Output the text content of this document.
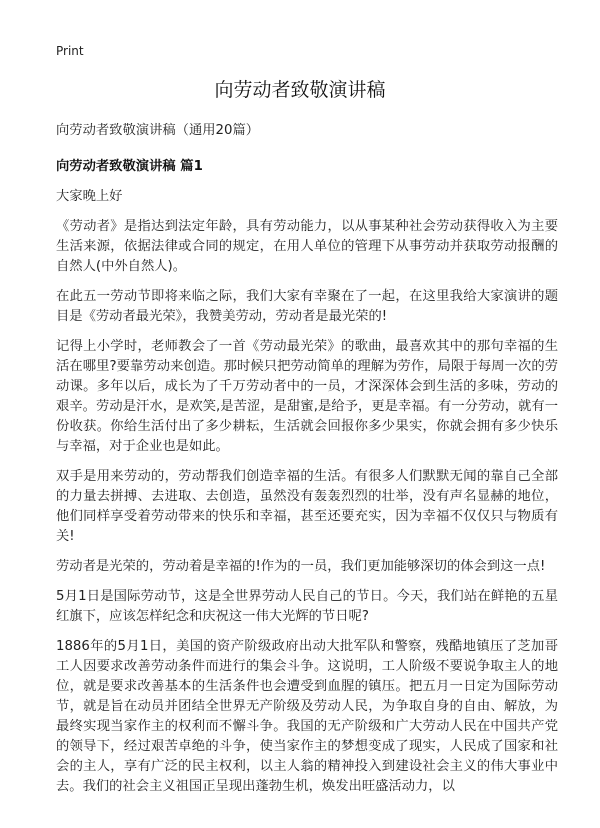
Print
向劳动者致敬演讲稿

向劳动者致敬演讲稿（通用20篇）

向劳动者致敬演讲稿 篇1

大家晚上好

《劳动者》是指达到法定年龄，具有劳动能力，以从事某种社会劳动获得收入为主要生活来源，依据法律或合同的规定，在用人单位的管理下从事劳动并获取劳动报酬的自然人(中外自然人)。

在此五一劳动节即将来临之际，我们大家有幸聚在了一起，在这里我给大家演讲的题目是《劳动者最光荣》，我赞美劳动，劳动者是最光荣的!

记得上小学时，老师教会了一首《劳动最光荣》的歌曲，最喜欢其中的那句幸福的生活在哪里?要靠劳动来创造。那时候只把劳动简单的理解为劳作，局限于每周一次的劳动课。多年以后，成长为了千万劳动者中的一员，才深深体会到生活的多味，劳动的艰辛。劳动是汗水，是欢笑,是苦涩，是甜蜜,是给予，更是幸福。有一分劳动，就有一份收获。你给生活付出了多少耕耘，生活就会回报你多少果实，你就会拥有多少快乐与幸福，对于企业也是如此。

双手是用来劳动的，劳动帮我们创造幸福的生活。有很多人们默默无闻的靠自己全部的力量去拼搏、去进取、去创造，虽然没有轰轰烈烈的壮举，没有声名显赫的地位，他们同样享受着劳动带来的快乐和幸福，甚至还要充实，因为幸福不仅仅只与物质有关!

劳动者是光荣的，劳动着是幸福的!作为的一员，我们更加能够深切的体会到这一点!

5月1日是国际劳动节，这是全世界劳动人民自己的节日。今天，我们站在鲜艳的五星红旗下，应该怎样纪念和庆祝这一伟大光辉的节日呢?

1886年的5月1日，美国的资产阶级政府出动大批军队和警察，残酷地镇压了芝加哥工人因要求改善劳动条件而进行的集会斗争。这说明，工人阶级不要说争取主人的地位，就是要求改善基本的生活条件也会遭受到血腥的镇压。把五月一日定为国际劳动节，就是旨在动员并团结全世界无产阶级及劳动人民，为争取自身的自由、解放，为最终实现当家作主的权利而不懈斗争。我国的无产阶级和广大劳动人民在中国共产党的领导下，经过艰苦卓绝的斗争，使当家作主的梦想变成了现实，人民成了国家和社会的主人，享有广泛的民主权利，以主人翁的精神投入到建设社会主义的伟大事业中去。我们的社会主义祖国正呈现出蓬勃生机，焕发出旺盛活动力，以
